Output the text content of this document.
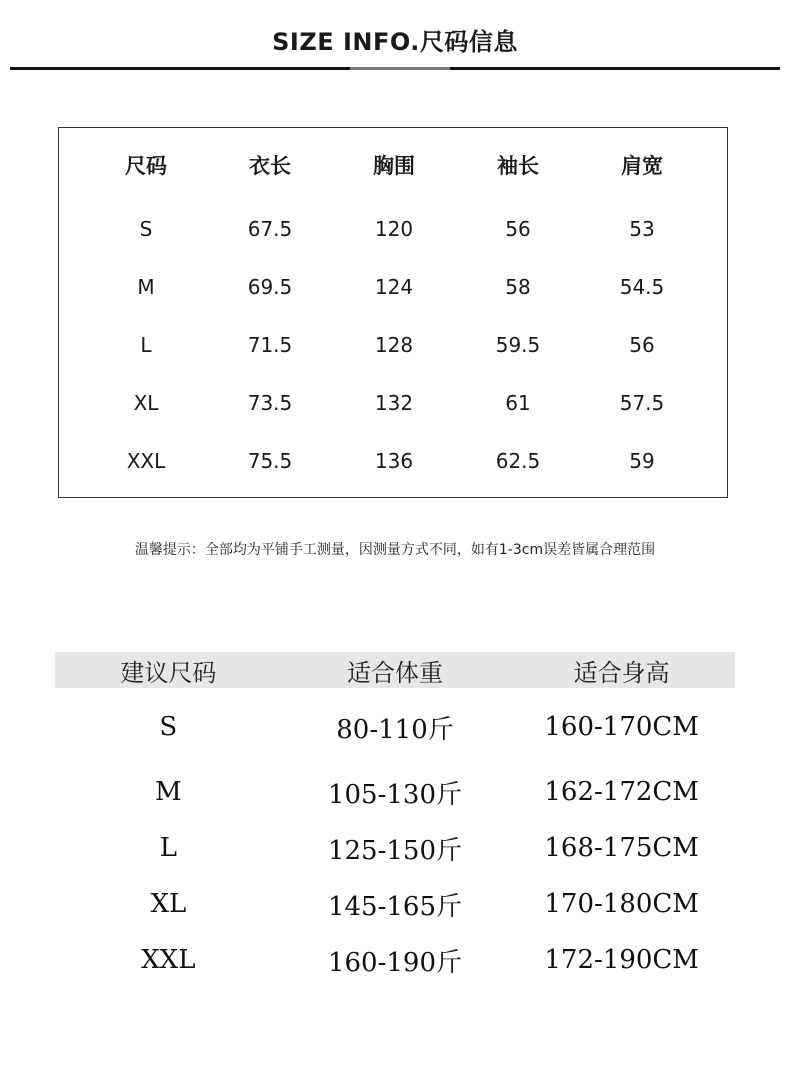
SIZE INFO.尺码信息
尺码	衣长	胸围	袖长	肩宽
S	67.5	120	56	53
M	69.5	124	58	54.5
L	71.5	128	59.5	56
XL	73.5	132	61	57.5
XXL	75.5	136	62.5	59
温馨提示：全部均为平铺手工测量，因测量方式不同，如有1-3cm误差皆属合理范围
建议尺码	适合体重	适合身高
S	80-110斤	160-170CM
M	105-130斤	162-172CM
L	125-150斤	168-175CM
XL	145-165斤	170-180CM
XXL	160-190斤	172-190CM
